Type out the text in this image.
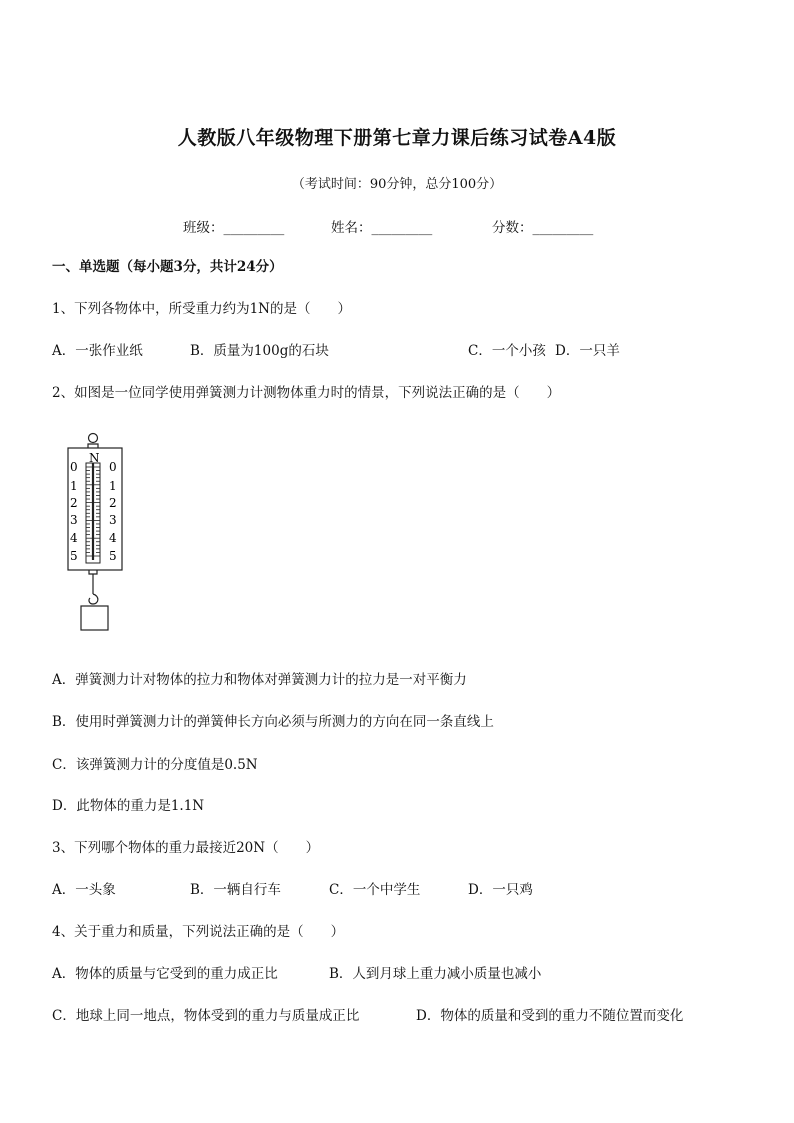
人教版八年级物理下册第七章力课后练习试卷A4版
（考试时间：90分钟，总分100分）
班级：_________	姓名：_________	分数：_________
一、单选题（每小题3分，共计24分）
1、下列各物体中，所受重力约为1N的是（　　）
A．一张作业纸	B．质量为100g的石块	C．一个小孩 D．一只羊
2、如图是一位同学使用弹簧测力计测物体重力时的情景，下列说法正确的是（　　）
N
0
1
2
3
4
5
0
1
2
3
4
5
A．弹簧测力计对物体的拉力和物体对弹簧测力计的拉力是一对平衡力
B．使用时弹簧测力计的弹簧伸长方向必须与所测力的方向在同一条直线上
C．该弹簧测力计的分度值是0.5N
D．此物体的重力是1.1N
3、下列哪个物体的重力最接近20N（　　）
A．一头象	B．一辆自行车	C．一个中学生	D．一只鸡
4、关于重力和质量，下列说法正确的是（　　）
A．物体的质量与它受到的重力成正比	B．人到月球上重力减小质量也减小
C．地球上同一地点，物体受到的重力与质量成正比	D．物体的质量和受到的重力不随位置而变化
